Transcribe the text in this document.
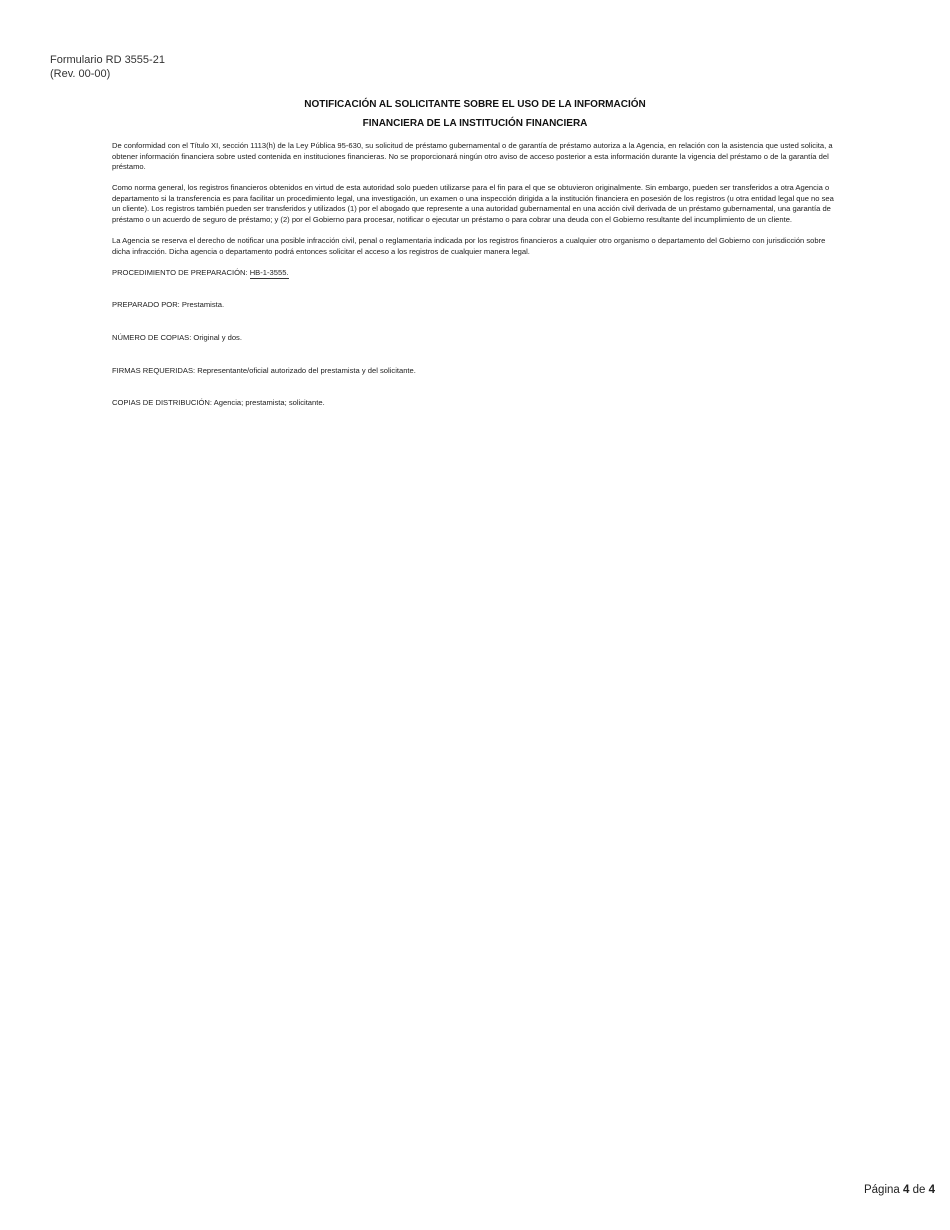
Formulario RD 3555-21
(Rev. 00-00)
NOTIFICACIÓN AL SOLICITANTE SOBRE EL USO DE LA INFORMACIÓN
FINANCIERA DE LA INSTITUCIÓN FINANCIERA

De conformidad con el Título XI, sección 1113(h) de la Ley Pública 95-630, su solicitud de préstamo gubernamental o de garantía de préstamo autoriza a la Agencia, en relación con la asistencia que usted solicita, a obtener información financiera sobre usted contenida en instituciones financieras. No se proporcionará ningún otro aviso de acceso posterior a esta información durante la vigencia del préstamo o de la garantía del préstamo.

Como norma general, los registros financieros obtenidos en virtud de esta autoridad solo pueden utilizarse para el fin para el que se obtuvieron originalmente. Sin embargo, pueden ser transferidos a otra Agencia o departamento si la transferencia es para facilitar un procedimiento legal, una investigación, un examen o una inspección dirigida a la institución financiera en posesión de los registros (u otra entidad legal que no sea un cliente). Los registros también pueden ser transferidos y utilizados (1) por el abogado que represente a una autoridad gubernamental en una acción civil derivada de un préstamo gubernamental, una garantía de préstamo o un acuerdo de seguro de préstamo; y (2) por el Gobierno para procesar, notificar o ejecutar un préstamo o para cobrar una deuda con el Gobierno resultante del incumplimiento de un cliente.

La Agencia se reserva el derecho de notificar una posible infracción civil, penal o reglamentaria indicada por los registros financieros a cualquier otro organismo o departamento del Gobierno con jurisdicción sobre dicha infracción. Dicha agencia o departamento podrá entonces solicitar el acceso a los registros de cualquier manera legal.

PROCEDIMIENTO DE PREPARACIÓN: HB-1-3555.

PREPARADO POR: Prestamista.

NÚMERO DE COPIAS: Original y dos.

FIRMAS REQUERIDAS: Representante/oficial autorizado del prestamista y del solicitante.

COPIAS DE DISTRIBUCIÓN: Agencia; prestamista; solicitante.

Página 4 de 4
